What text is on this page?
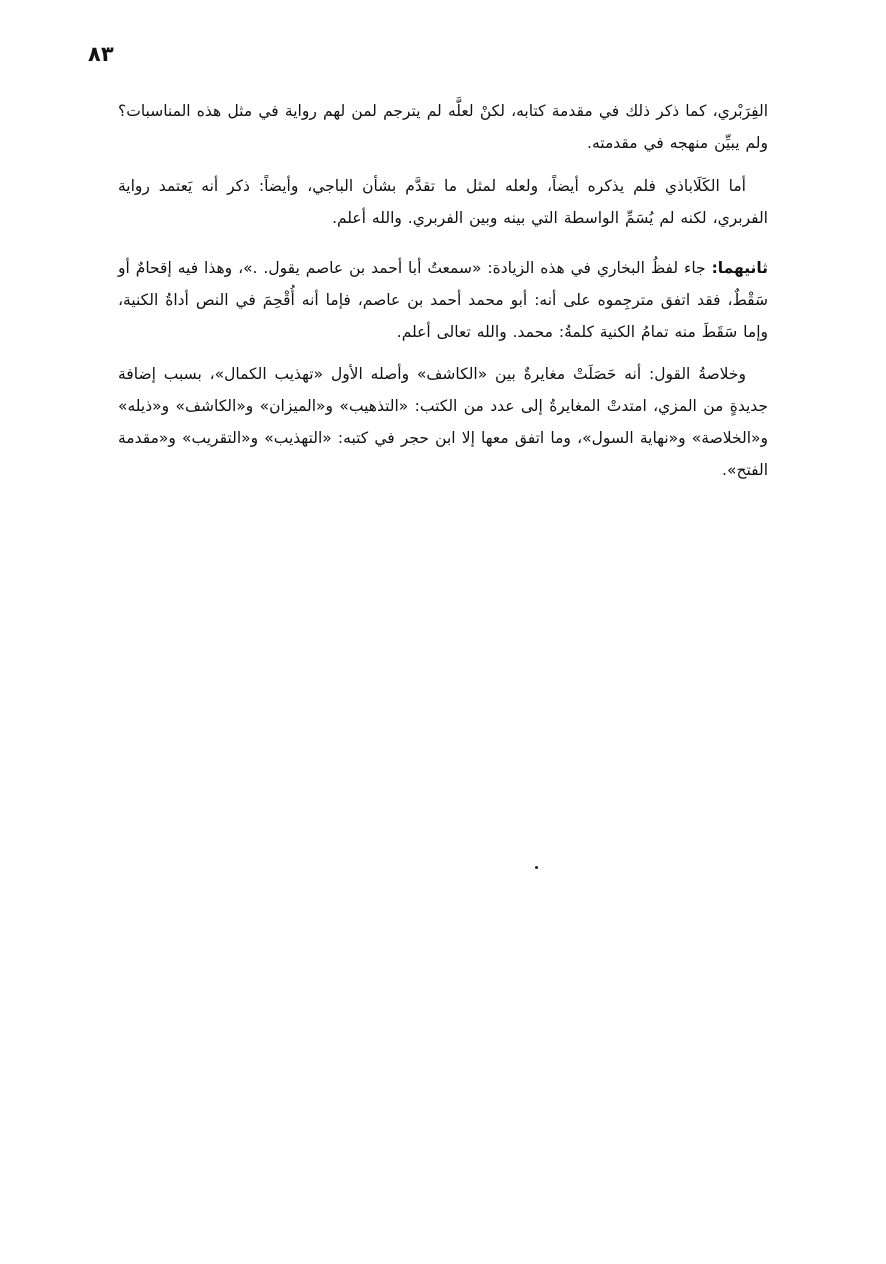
٨٣

الفِرَبْري، كما ذكر ذلك في مقدمة كتابه، لكنْ لعلَّه لم يترجم لمن لهم رواية في مثل هذه المناسبات؟ ولم يبيِّن منهجه في مقدمته.

أما الكَلَاباذي فلم يذكره أيضاً، ولعله لمثل ما تقدَّم بشأن الباجي، وأيضاً: ذكر أنه يَعتمد رواية الفربري، لكنه لم يُسَمِّ الواسطة التي بينه وبين الفربري. والله أعلم.

ثانيهما: جاء لفظُ البخاري في هذه الزيادة: «سمعتُ أبا أحمد بن عاصم يقول. .»، وهذا فيه إقحامٌ أو سَقْطٌ، فقد اتفق مترجِموه على أنه: أبو محمد أحمد بن عاصم، فإما أنه أُقْحِمَ في النص أداةُ الكنية، وإما سَقَطَ منه تمامُ الكنية كلمةُ: محمد. والله تعالى أعلم.

وخلاصةُ القول: أنه حَصَلَتْ مغايرةٌ بين «الكاشف» وأصله الأول «تهذيب الكمال»، بسبب إضافة جديدةٍ من المزي، امتدتْ المغايرةُ إلى عدد من الكتب: «التذهيب» و«الميزان» و«الكاشف» و«ذيله» و«الخلاصة» و«نهاية السول»، وما اتفق معها إلا ابن حجر في كتبه: «التهذيب» و«التقريب» و«مقدمة الفتح».
